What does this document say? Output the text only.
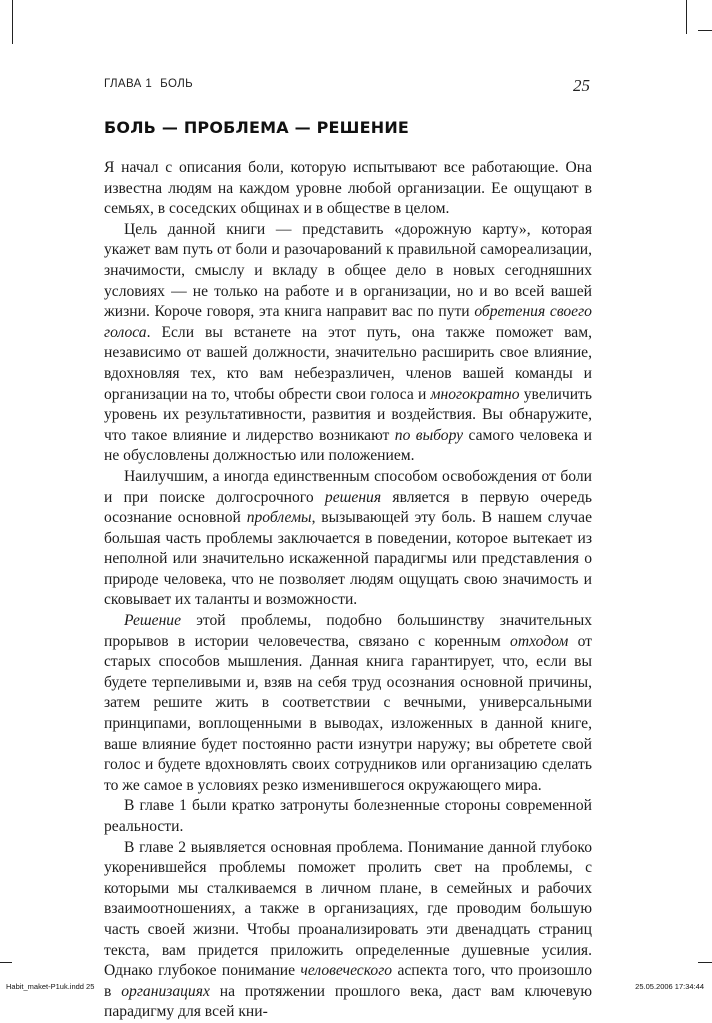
ГЛАВА 1 БОЛЬ	25
БОЛЬ — ПРОБЛЕМА — РЕШЕНИЕ

Я начал с описания боли, которую испытывают все работающие. Она известна людям на каждом уровне любой организации. Ее ощущают в семьях, в соседских общинах и в обществе в целом.

Цель данной книги — представить «дорожную карту», которая укажет вам путь от боли и разочарований к правильной самореализации, значимости, смыслу и вкладу в общее дело в новых сегодняшних условиях — не только на работе и в организации, но и во всей вашей жизни. Короче говоря, эта книга направит вас по пути обретения своего голоса. Если вы встанете на этот путь, она также поможет вам, независимо от вашей должности, значительно расширить свое влияние, вдохновляя тех, кто вам небезразличен, членов вашей команды и организации на то, чтобы обрести свои голоса и многократно увеличить уровень их результативности, развития и воздействия. Вы обнаружите, что такое влияние и лидерство возникают по выбору самого человека и не обусловлены должностью или положением.

Наилучшим, а иногда единственным способом освобождения от боли и при поиске долгосрочного решения является в первую очередь осознание основной проблемы, вызывающей эту боль. В нашем случае большая часть проблемы заключается в поведении, которое вытекает из неполной или значительно искаженной парадигмы или представления о природе человека, что не позволяет людям ощущать свою значимость и сковывает их таланты и возможности.

Решение этой проблемы, подобно большинству значительных прорывов в истории человечества, связано с коренным отходом от старых способов мышления. Данная книга гарантирует, что, если вы будете терпеливыми и, взяв на себя труд осознания основной причины, затем решите жить в соответствии с вечными, универсальными принципами, воплощенными в выводах, изложенных в данной книге, ваше влияние будет постоянно расти изнутри наружу; вы обретете свой голос и будете вдохновлять своих сотрудников или организацию сделать то же самое в условиях резко изменившегося окружающего мира.

В главе 1 были кратко затронуты болезненные стороны современной реальности.

В главе 2 выявляется основная проблема. Понимание данной глубоко укоренившейся проблемы поможет пролить свет на проблемы, с которыми мы сталкиваемся в личном плане, в семейных и рабочих взаимоотношениях, а также в организациях, где проводим большую часть своей жизни. Чтобы проанализировать эти двенадцать страниц текста, вам придется приложить определенные душевные усилия. Однако глубокое понимание человеческого аспекта того, что произошло в организациях на протяжении прошлого века, даст вам ключевую парадигму для всей кни-

Habit_maket-P1uk.indd 25	25.05.2006 17:34:44
